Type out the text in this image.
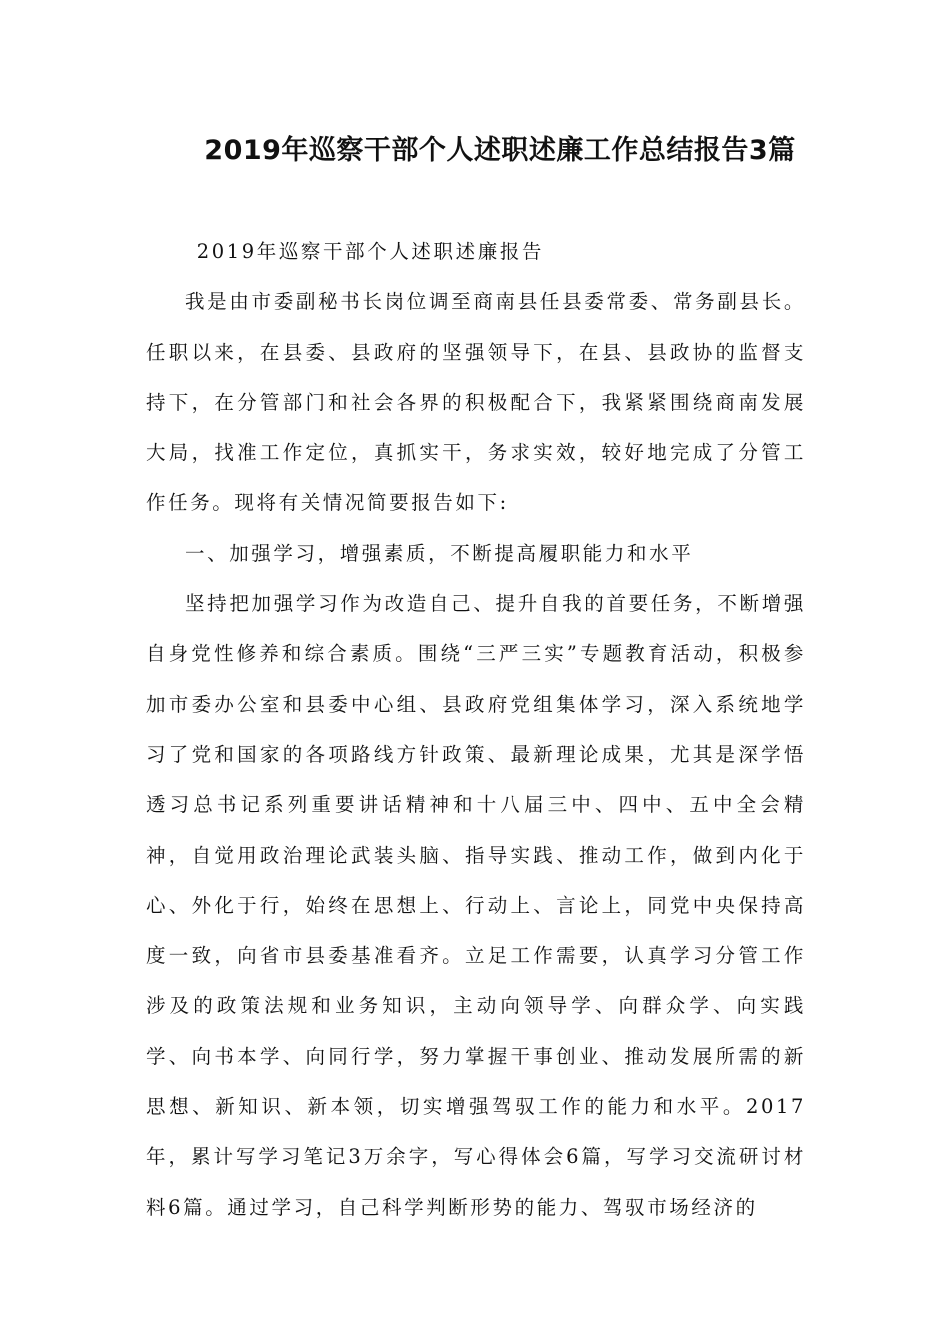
2019年巡察干部个人述职述廉工作总结报告3篇

2019年巡察干部个人述职述廉报告

我是由市委副秘书长岗位调至商南县任县委常委、常务副县长。任职以来，在县委、县政府的坚强领导下，在县、县政协的监督支持下，在分管部门和社会各界的积极配合下，我紧紧围绕商南发展大局，找准工作定位，真抓实干，务求实效，较好地完成了分管工作任务。现将有关情况简要报告如下:

一、加强学习，增强素质，不断提高履职能力和水平

坚持把加强学习作为改造自己、提升自我的首要任务，不断增强自身党性修养和综合素质。围绕“三严三实”专题教育活动，积极参加市委办公室和县委中心组、县政府党组集体学习，深入系统地学习了党和国家的各项路线方针政策、最新理论成果，尤其是深学悟透习总书记系列重要讲话精神和十八届三中、四中、五中全会精神，自觉用政治理论武装头脑、指导实践、推动工作，做到内化于心、外化于行，始终在思想上、行动上、言论上，同党中央保持高度一致，向省市县委基准看齐。立足工作需要，认真学习分管工作涉及的政策法规和业务知识，主动向领导学、向群众学、向实践学、向书本学、向同行学，努力掌握干事创业、推动发展所需的新思想、新知识、新本领，切实增强驾驭工作的能力和水平。2017年，累计写学习笔记3万余字，写心得体会6篇，写学习交流研讨材料6篇。通过学习，自己科学判断形势的能力、驾驭市场经济的
